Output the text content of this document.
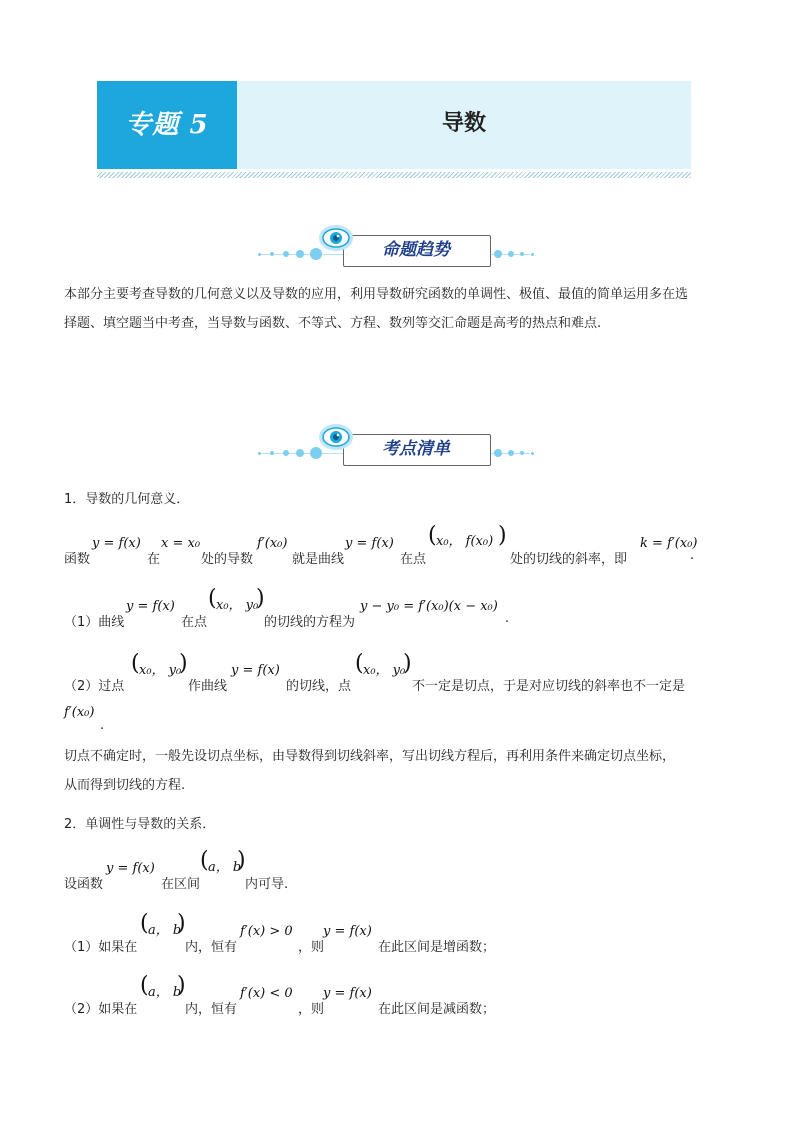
专题 5	导数
命题趋势
本部分主要考查导数的几何意义以及导数的应用，利用导数研究函数的单调性、极值、最值的简单运用多在选
择题、填空题当中考查，当导数与函数、不等式、方程、数列等交汇命题是高考的热点和难点.
考点清单
1．导数的几何意义．
函数
y = f(x)
在
x = x₀
处的导数
f′(x₀)
就是曲线
y = f(x)
在点
( x₀， f(x₀) )
处的切线的斜率，即
k = f′(x₀)
.
（1）曲线
y = f(x)
在点
( x₀， y₀
)
的切线的方程为
y − y₀ = f′(x₀)(x − x₀)
.
（2）过点
( x₀， y₀
)
作曲线
y = f(x)
的切线，点
( x₀， y₀
)
不一定是切点，于是对应切线的斜率也不一定是
f′(x₀)
.
切点不确定时，一般先设切点坐标，由导数得到切线斜率，写出切线方程后，再利用条件来确定切点坐标，
从而得到切线的方程.
2．单调性与导数的关系．
设函数
y = f(x)
在区间
( a， b
)
内可导.
（1）如果在
( a， b
)
内，恒有
f′(x) > 0
，则
y = f(x)
在此区间是增函数；
（2）如果在
( a， b
)
内，恒有
f′(x) < 0
，则
y = f(x)
在此区间是减函数；
